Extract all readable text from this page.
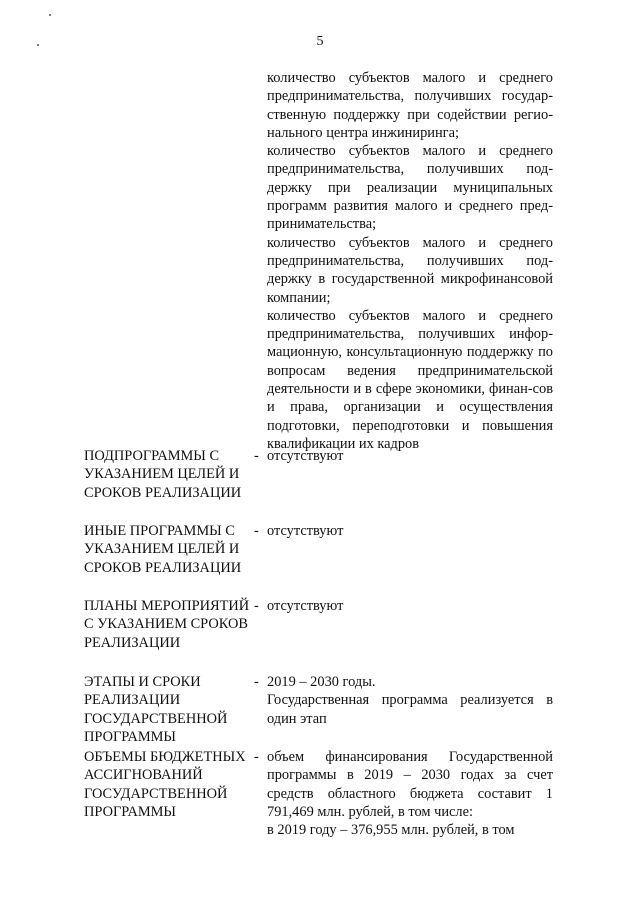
5

количество субъектов малого и среднего предпринимательства, получивших государ-ственную поддержку при содействии регио-нального центра инжиниринга;

количество субъектов малого и среднего предпринимательства, получивших под-держку при реализации муниципальных программ развития малого и среднего пред-принимательства;

количество субъектов малого и среднего предпринимательства, получивших под-держку в государственной микрофинансовой компании;

количество субъектов малого и среднего предпринимательства, получивших инфор-мационную, консультационную поддержку по вопросам ведения предпринимательской деятельности и в сфере экономики, финан-сов и права, организации и осуществления подготовки, переподготовки и повышения квалификации их кадров

ПОДПРОГРАММЫ С УКАЗАНИЕМ ЦЕЛЕЙ И СРОКОВ РЕАЛИЗАЦИИ

- отсутствуют

ИНЫЕ ПРОГРАММЫ С УКАЗАНИЕМ ЦЕЛЕЙ И СРОКОВ РЕАЛИЗАЦИИ

- отсутствуют

ПЛАНЫ МЕРОПРИЯТИЙ С УКАЗАНИЕМ СРОКОВ РЕАЛИЗАЦИИ

- отсутствуют

ЭТАПЫ И СРОКИ РЕАЛИЗАЦИИ ГОСУДАРСТВЕННОЙ ПРОГРАММЫ

- 2019 – 2030 годы.

Государственная программа реализуется в один этап

ОБЪЕМЫ БЮДЖЕТНЫХ АССИГНОВАНИЙ ГОСУДАРСТВЕННОЙ ПРОГРАММЫ

- объем финансирования Государственной программы в 2019 – 2030 годах за счет средств областного бюджета составит 1 791,469 млн. рублей, в том числе:

в 2019 году – 376,955 млн. рублей, в том
